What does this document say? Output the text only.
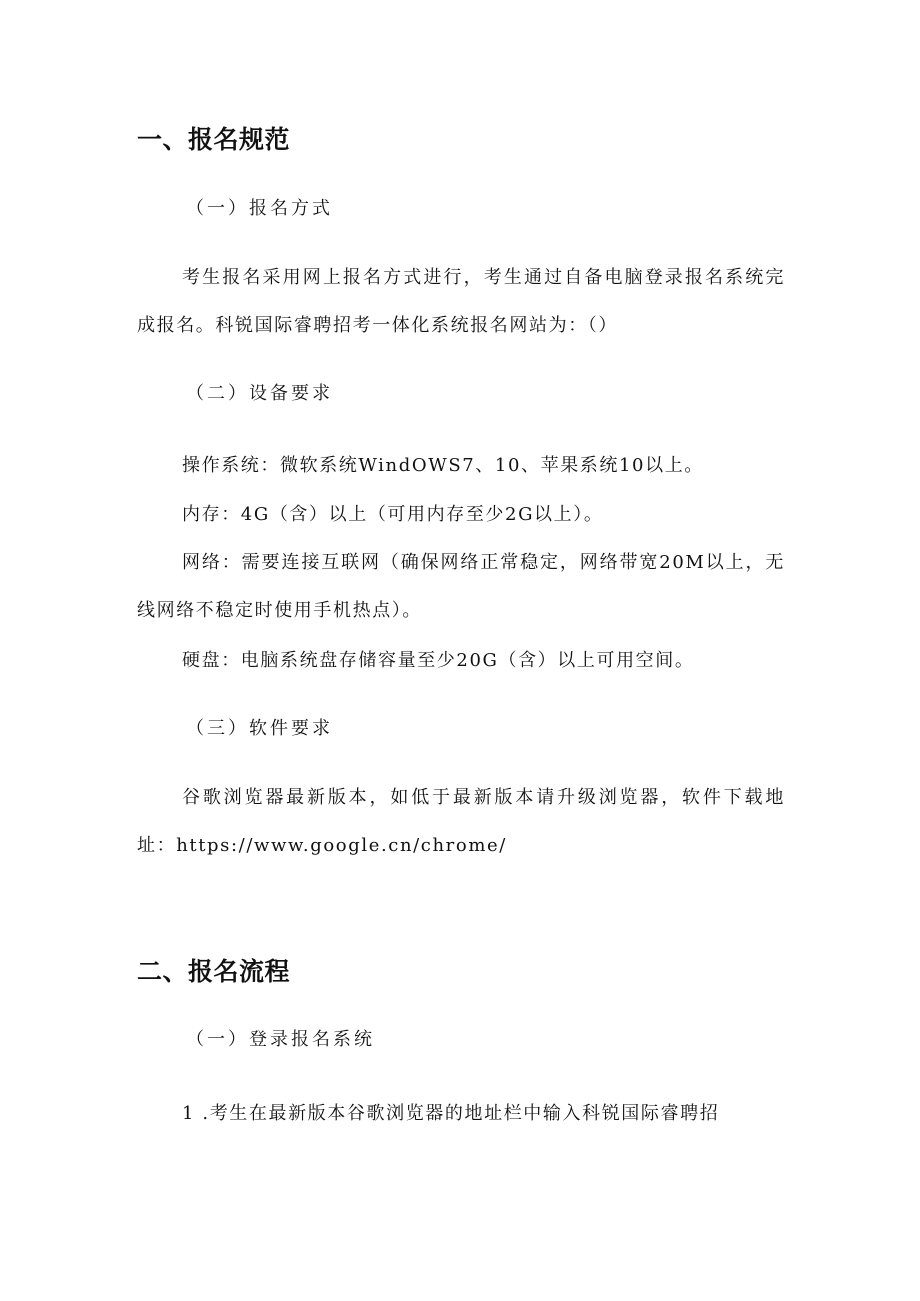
一、报名规范
（一）报名方式
考生报名采用网上报名方式进行，考生通过自备电脑登录报名系统完成报名。科锐国际睿聘招考一体化系统报名网站为：（）
（二）设备要求
操作系统：微软系统WindOWS7、10、苹果系统10以上。
内存：4G（含）以上（可用内存至少2G以上）。
网络：需要连接互联网（确保网络正常稳定，网络带宽20M以上，无线网络不稳定时使用手机热点）。
硬盘：电脑系统盘存储容量至少20G（含）以上可用空间。
（三）软件要求
谷歌浏览器最新版本，如低于最新版本请升级浏览器，软件下载地址：https://www.google.cn/chrome/
二、报名流程
（一）登录报名系统
1 .考生在最新版本谷歌浏览器的地址栏中输入科锐国际睿聘招
